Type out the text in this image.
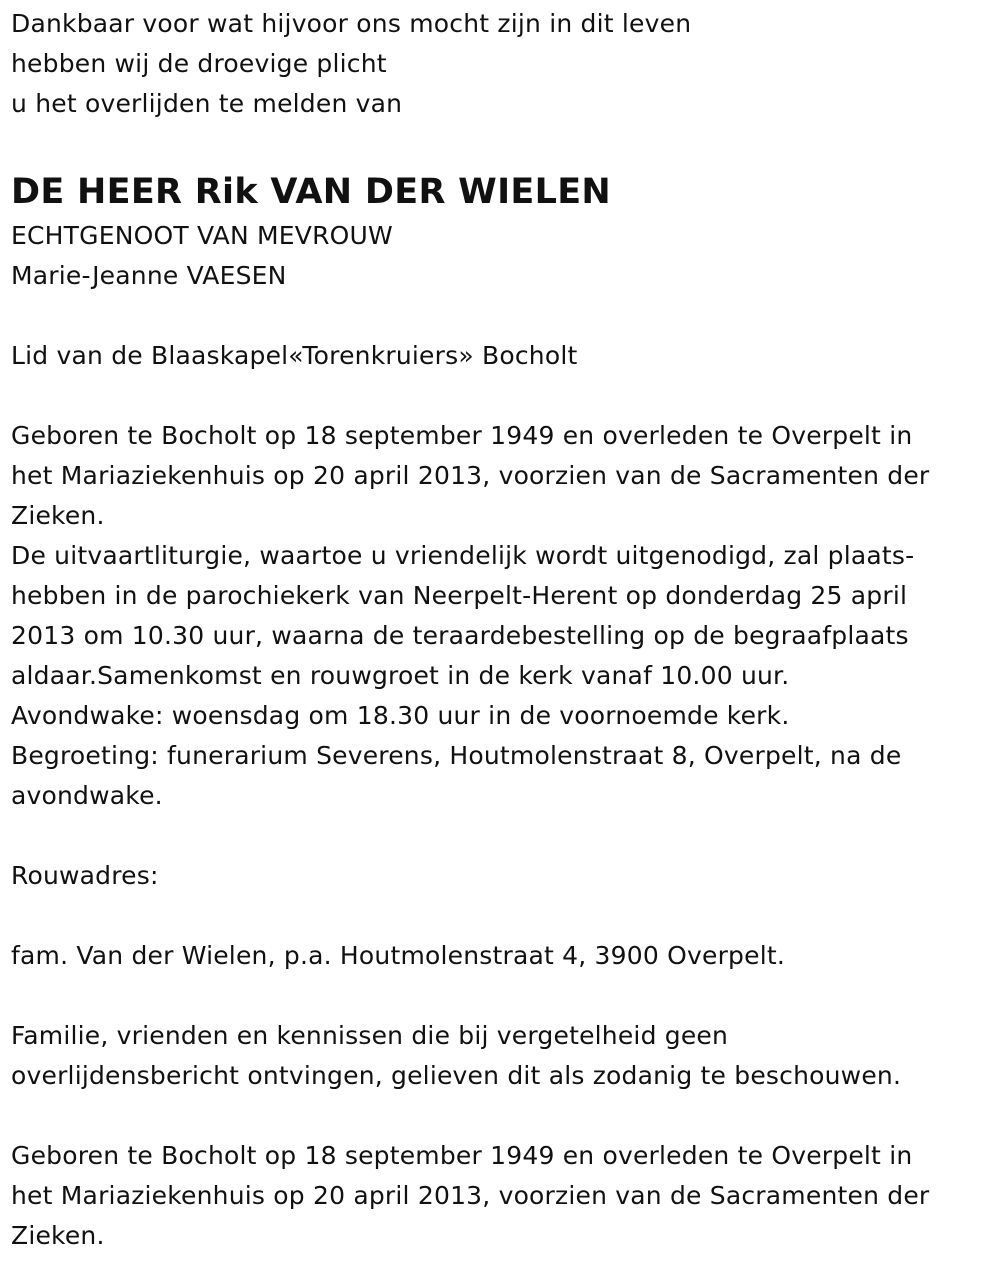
Dankbaar voor wat hijvoor ons mocht zijn in dit leven
hebben wij de droevige plicht
u het overlijden te melden van
DE HEER Rik VAN DER WIELEN
ECHTGENOOT VAN MEVROUW
Marie-Jeanne VAESEN
Lid van de Blaaskapel«Torenkruiers» Bocholt
Geboren te Bocholt op 18 september 1949 en overleden te Overpelt in
het Mariaziekenhuis op 20 april 2013, voorzien van de Sacramenten der
Zieken.
De uitvaartliturgie, waartoe u vriendelijk wordt uitgenodigd, zal plaats-
hebben in de parochiekerk van Neerpelt-Herent op donderdag 25 april
2013 om 10.30 uur, waarna de teraardebestelling op de begraafplaats
aldaar.Samenkomst en rouwgroet in de kerk vanaf 10.00 uur.
Avondwake: woensdag om 18.30 uur in de voornoemde kerk.
Begroeting: funerarium Severens, Houtmolenstraat 8, Overpelt, na de
avondwake.
Rouwadres:
fam. Van der Wielen, p.a. Houtmolenstraat 4, 3900 Overpelt.
Familie, vrienden en kennissen die bij vergetelheid geen
overlijdensbericht ontvingen, gelieven dit als zodanig te beschouwen.
Geboren te Bocholt op 18 september 1949 en overleden te Overpelt in
het Mariaziekenhuis op 20 april 2013, voorzien van de Sacramenten der
Zieken.
